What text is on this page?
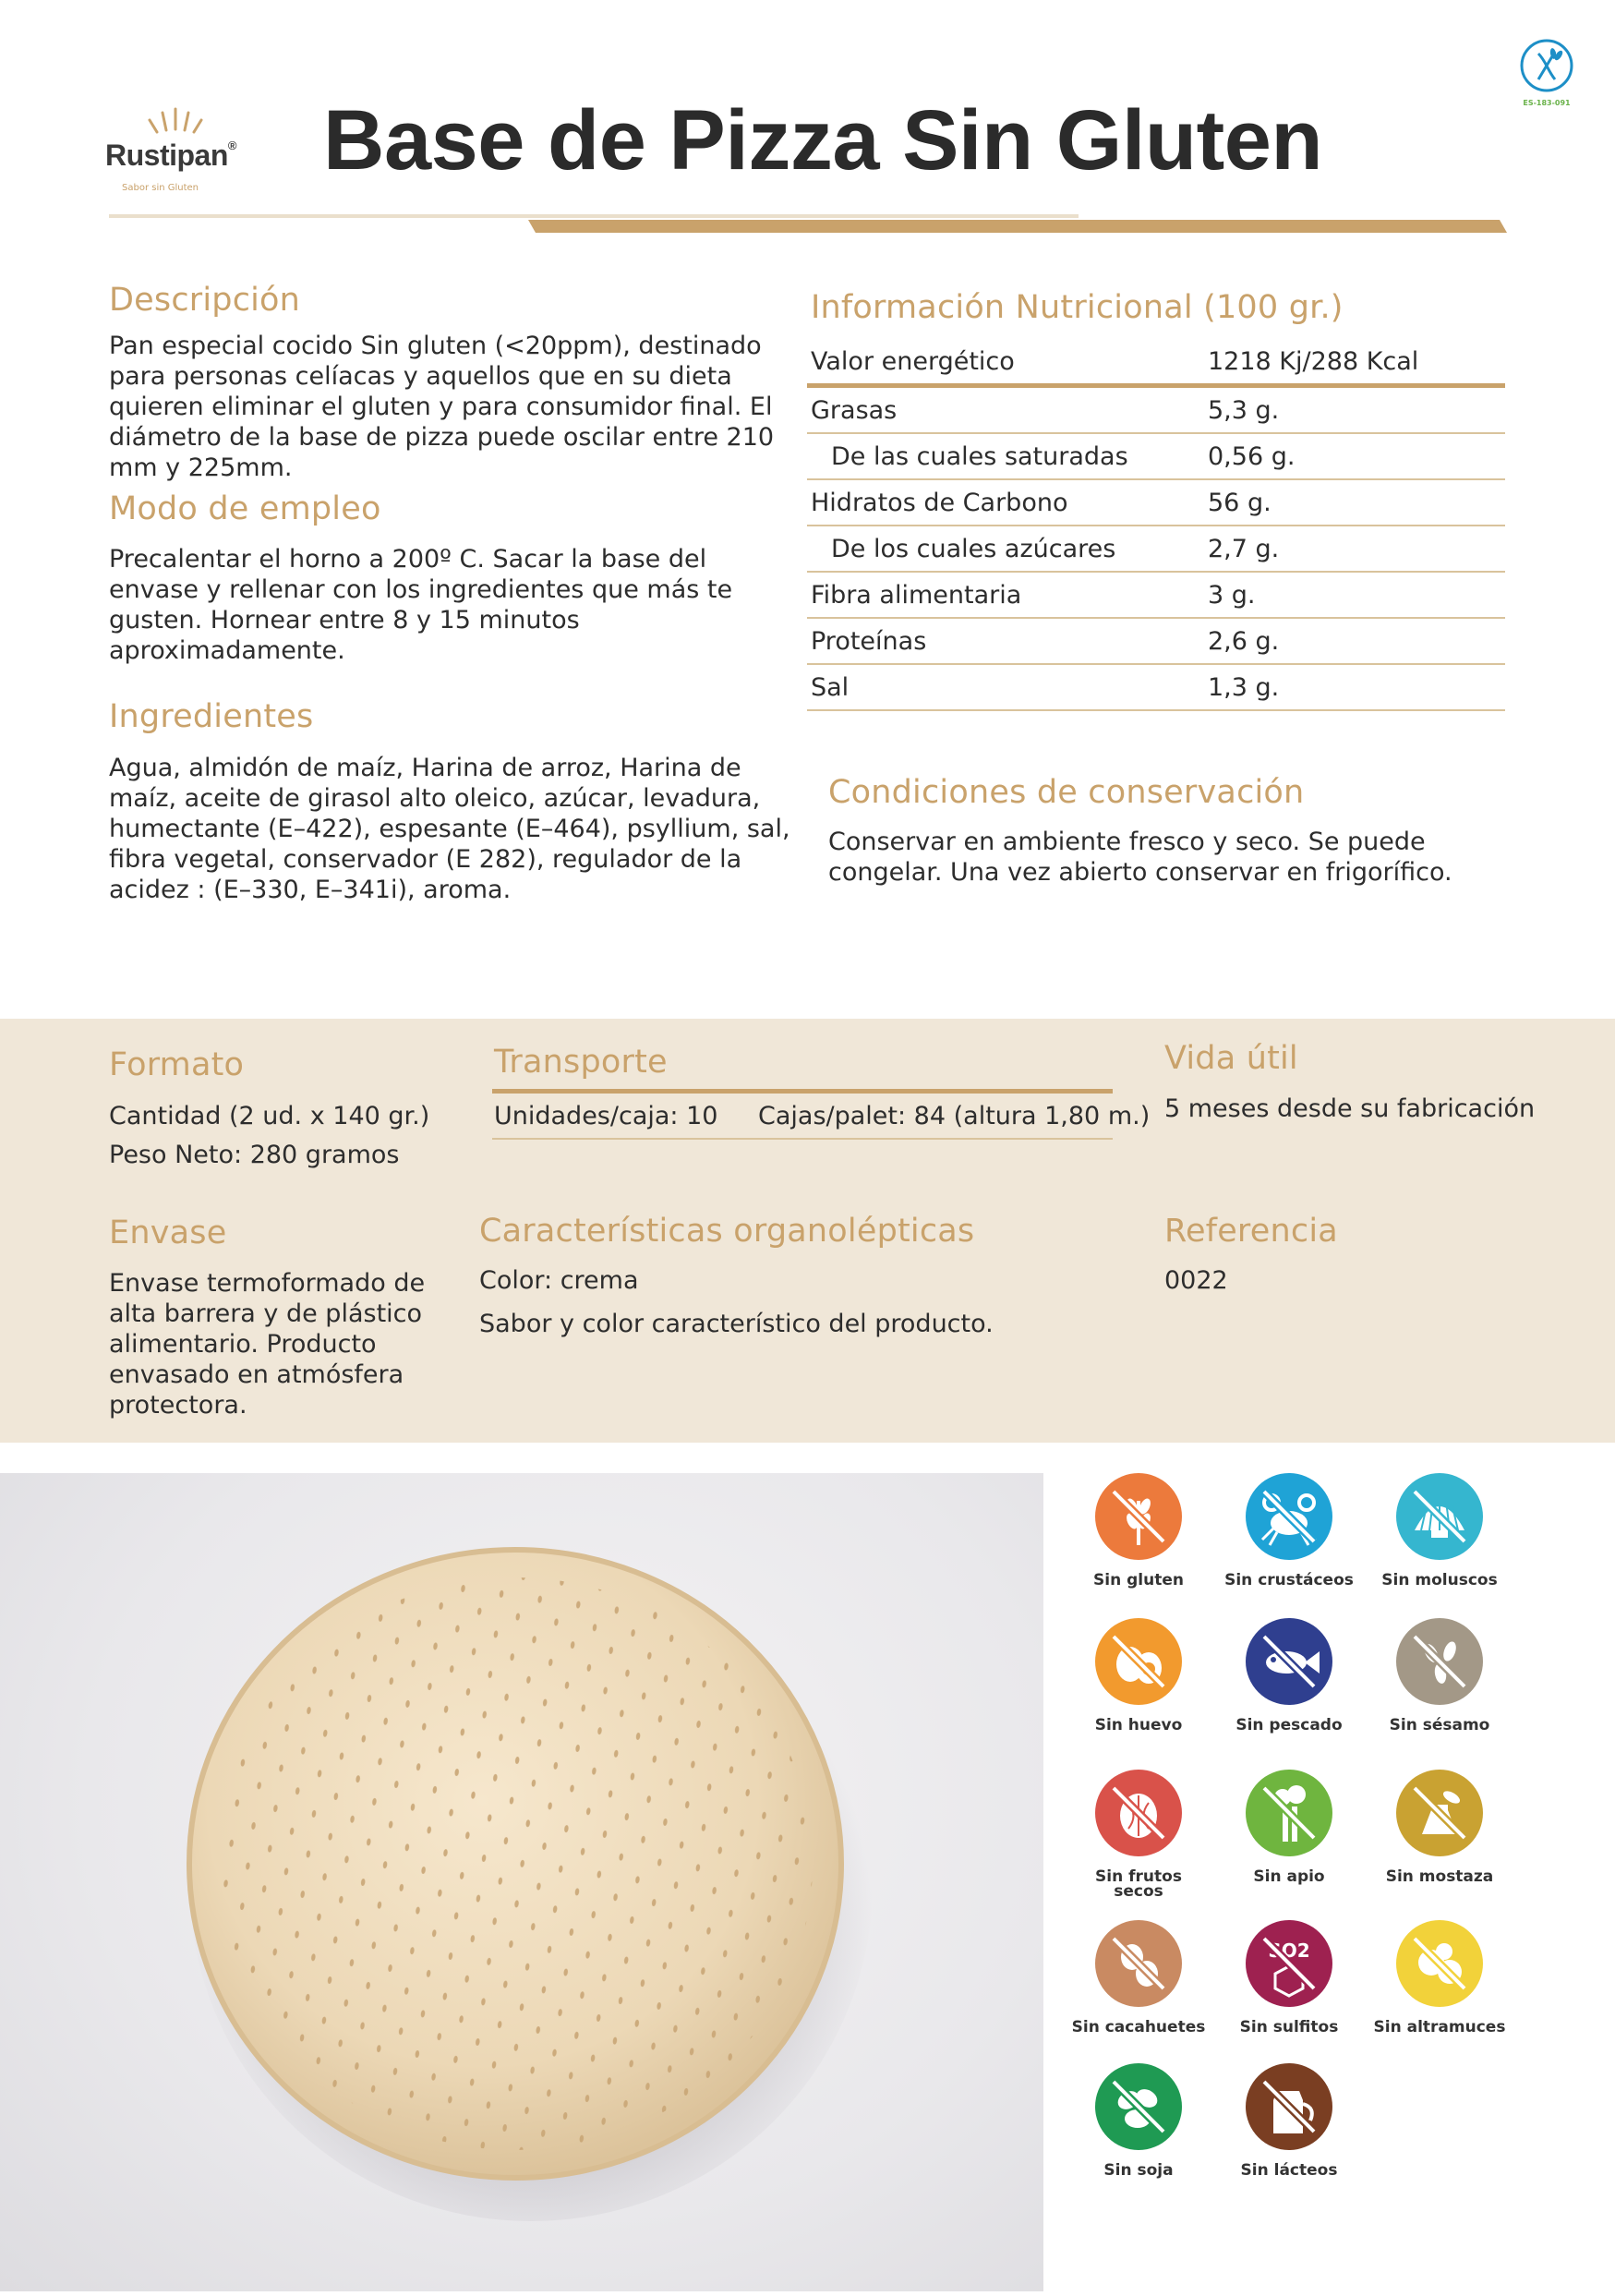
Rustipan®
Sabor sin Gluten
Base de Pizza Sin Gluten	ES-183-091
Descripción
Pan especial cocido Sin gluten (<20ppm), destinado para personas celíacas y aquellos que en su dieta quieren eliminar el gluten y para consumidor final. El diámetro de la base de pizza puede oscilar entre 210 mm y 225mm.
Modo de empleo
Precalentar el horno a 200º C. Sacar la base del envase y rellenar con los ingredientes que más te gusten. Hornear entre 8 y 15 minutos aproximadamente.
Ingredientes
Agua, almidón de maíz, Harina de arroz, Harina de maíz, aceite de girasol alto oleico, azúcar, levadura, humectante (E–422), espesante (E–464), psyllium, sal, fibra vegetal, conservador (E 282), regulador de la acidez : (E–330, E–341i), aroma.
Información Nutricional (100 gr.)
Valor energético	1218 Kj/288 Kcal
Grasas	5,3 g.
De las cuales saturadas	0,56 g.
Hidratos de Carbono	56 g.
De los cuales azúcares	2,7 g.
Fibra alimentaria	3 g.
Proteínas	2,6 g.
Sal	1,3 g.
Condiciones de conservación
Conservar en ambiente fresco y seco. Se puede congelar. Una vez abierto conservar en frigorífico.
Formato
Cantidad (2 ud. x 140 gr.)
Peso Neto: 280 gramos
Transporte
Unidades/caja: 10 Cajas/palet: 84 (altura 1,80 m.)
Vida útil
5 meses desde su fabricación
Envase
Envase termoformado de alta barrera y de plástico alimentario. Producto envasado en atmósfera protectora.
Características organolépticas
Color: crema
Sabor y color característico del producto.
Referencia
0022
Sin gluten	Sin crustáceos	Sin moluscos
Sin huevo	Sin pescado	Sin sésamo
Sin frutos secos
Sin apio	Sin mostaza
Sin cacahuetes
SO2
Sin sulfitos	Sin altramuces
Sin soja	Sin lácteos
